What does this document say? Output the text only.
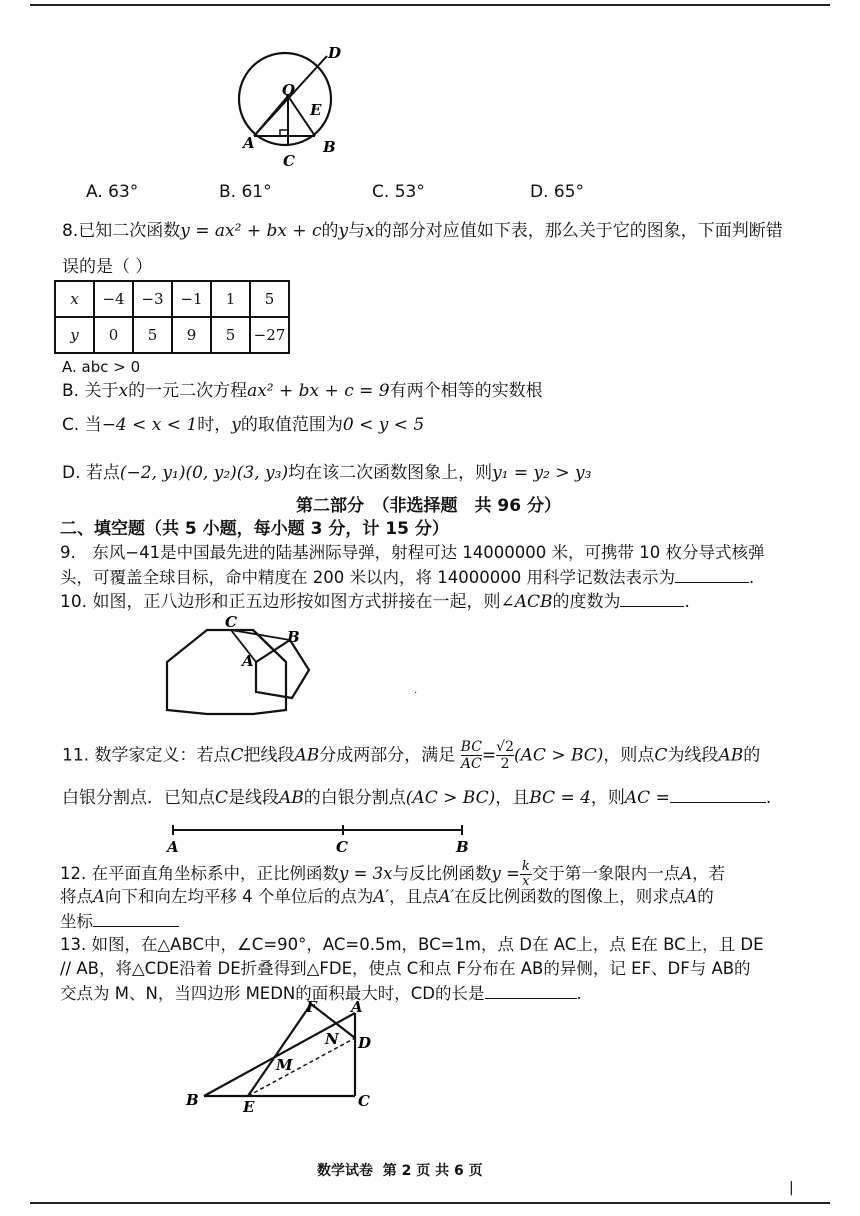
D
O
E
A
C
B
A. 63°	B. 61°	C. 53°	D. 65°
8.已知二次函数y = ax² + bx + c的y与x的部分对应值如下表，那么关于它的图象，下面判断错
误的是（ ）
x	−4	−3	−1	1	5
y	0	5	9	5	−27
A. abc > 0
B. 关于x的一元二次方程ax² + bx + c = 9有两个相等的实数根
C. 当−4 < x < 1时，y的取值范围为0 < y < 5
D. 若点(−2, y₁)(0, y₂)(3, y₃)均在该二次函数图象上，则y₁ = y₂ > y₃
第二部分　（非选择题　共 96 分）
二、填空题（共 5 小题，每小题 3 分，计 15 分）
9.　东风−41是中国最先进的陆基洲际导弹，射程可达 14000000 米，可携带 10 枚分导式核弹
头，可覆盖全球目标，命中精度在 200 米以内，将 14000000 用科学记数法表示为	.
10. 如图，正八边形和正五边形按如图方式拼接在一起，则∠ACB的度数为	.
C
B
A
·
11. 数学家定义：若点C把线段AB分成两部分，满足 $\frac{BC}{AC} = \frac{√2}{2} (AC > BC)$，则点C为线段AB的
白银分割点．已知点C是线段AB的白银分割点(AC > BC)，且BC = 4，则AC =	.
A	C	B
12. 在平面直角坐标系中，正比例函数y = 3x与反比例函数$y = \frac{k}{x}$ 交于第一象限内一点A，若
将点A向下和向左均平移 4 个单位后的点为A′，且点A′在反比例函数的图像上，则求点A的
坐标
13. 如图，在△ABC中，∠C=90°，AC=0.5m，BC=1m，点 D在 AC上，点 E在 BC上，且 DE
// AB，将△CDE沿着 DE折叠得到△FDE，使点 C和点 F分布在 AB的异侧，记 EF、DF与 AB的
交点为 M、N，当四边形 MEDN的面积最大时，CD的长是	.
F A
N D
M
B	E	C
数学试卷 第 2 页 共 6 页
|
